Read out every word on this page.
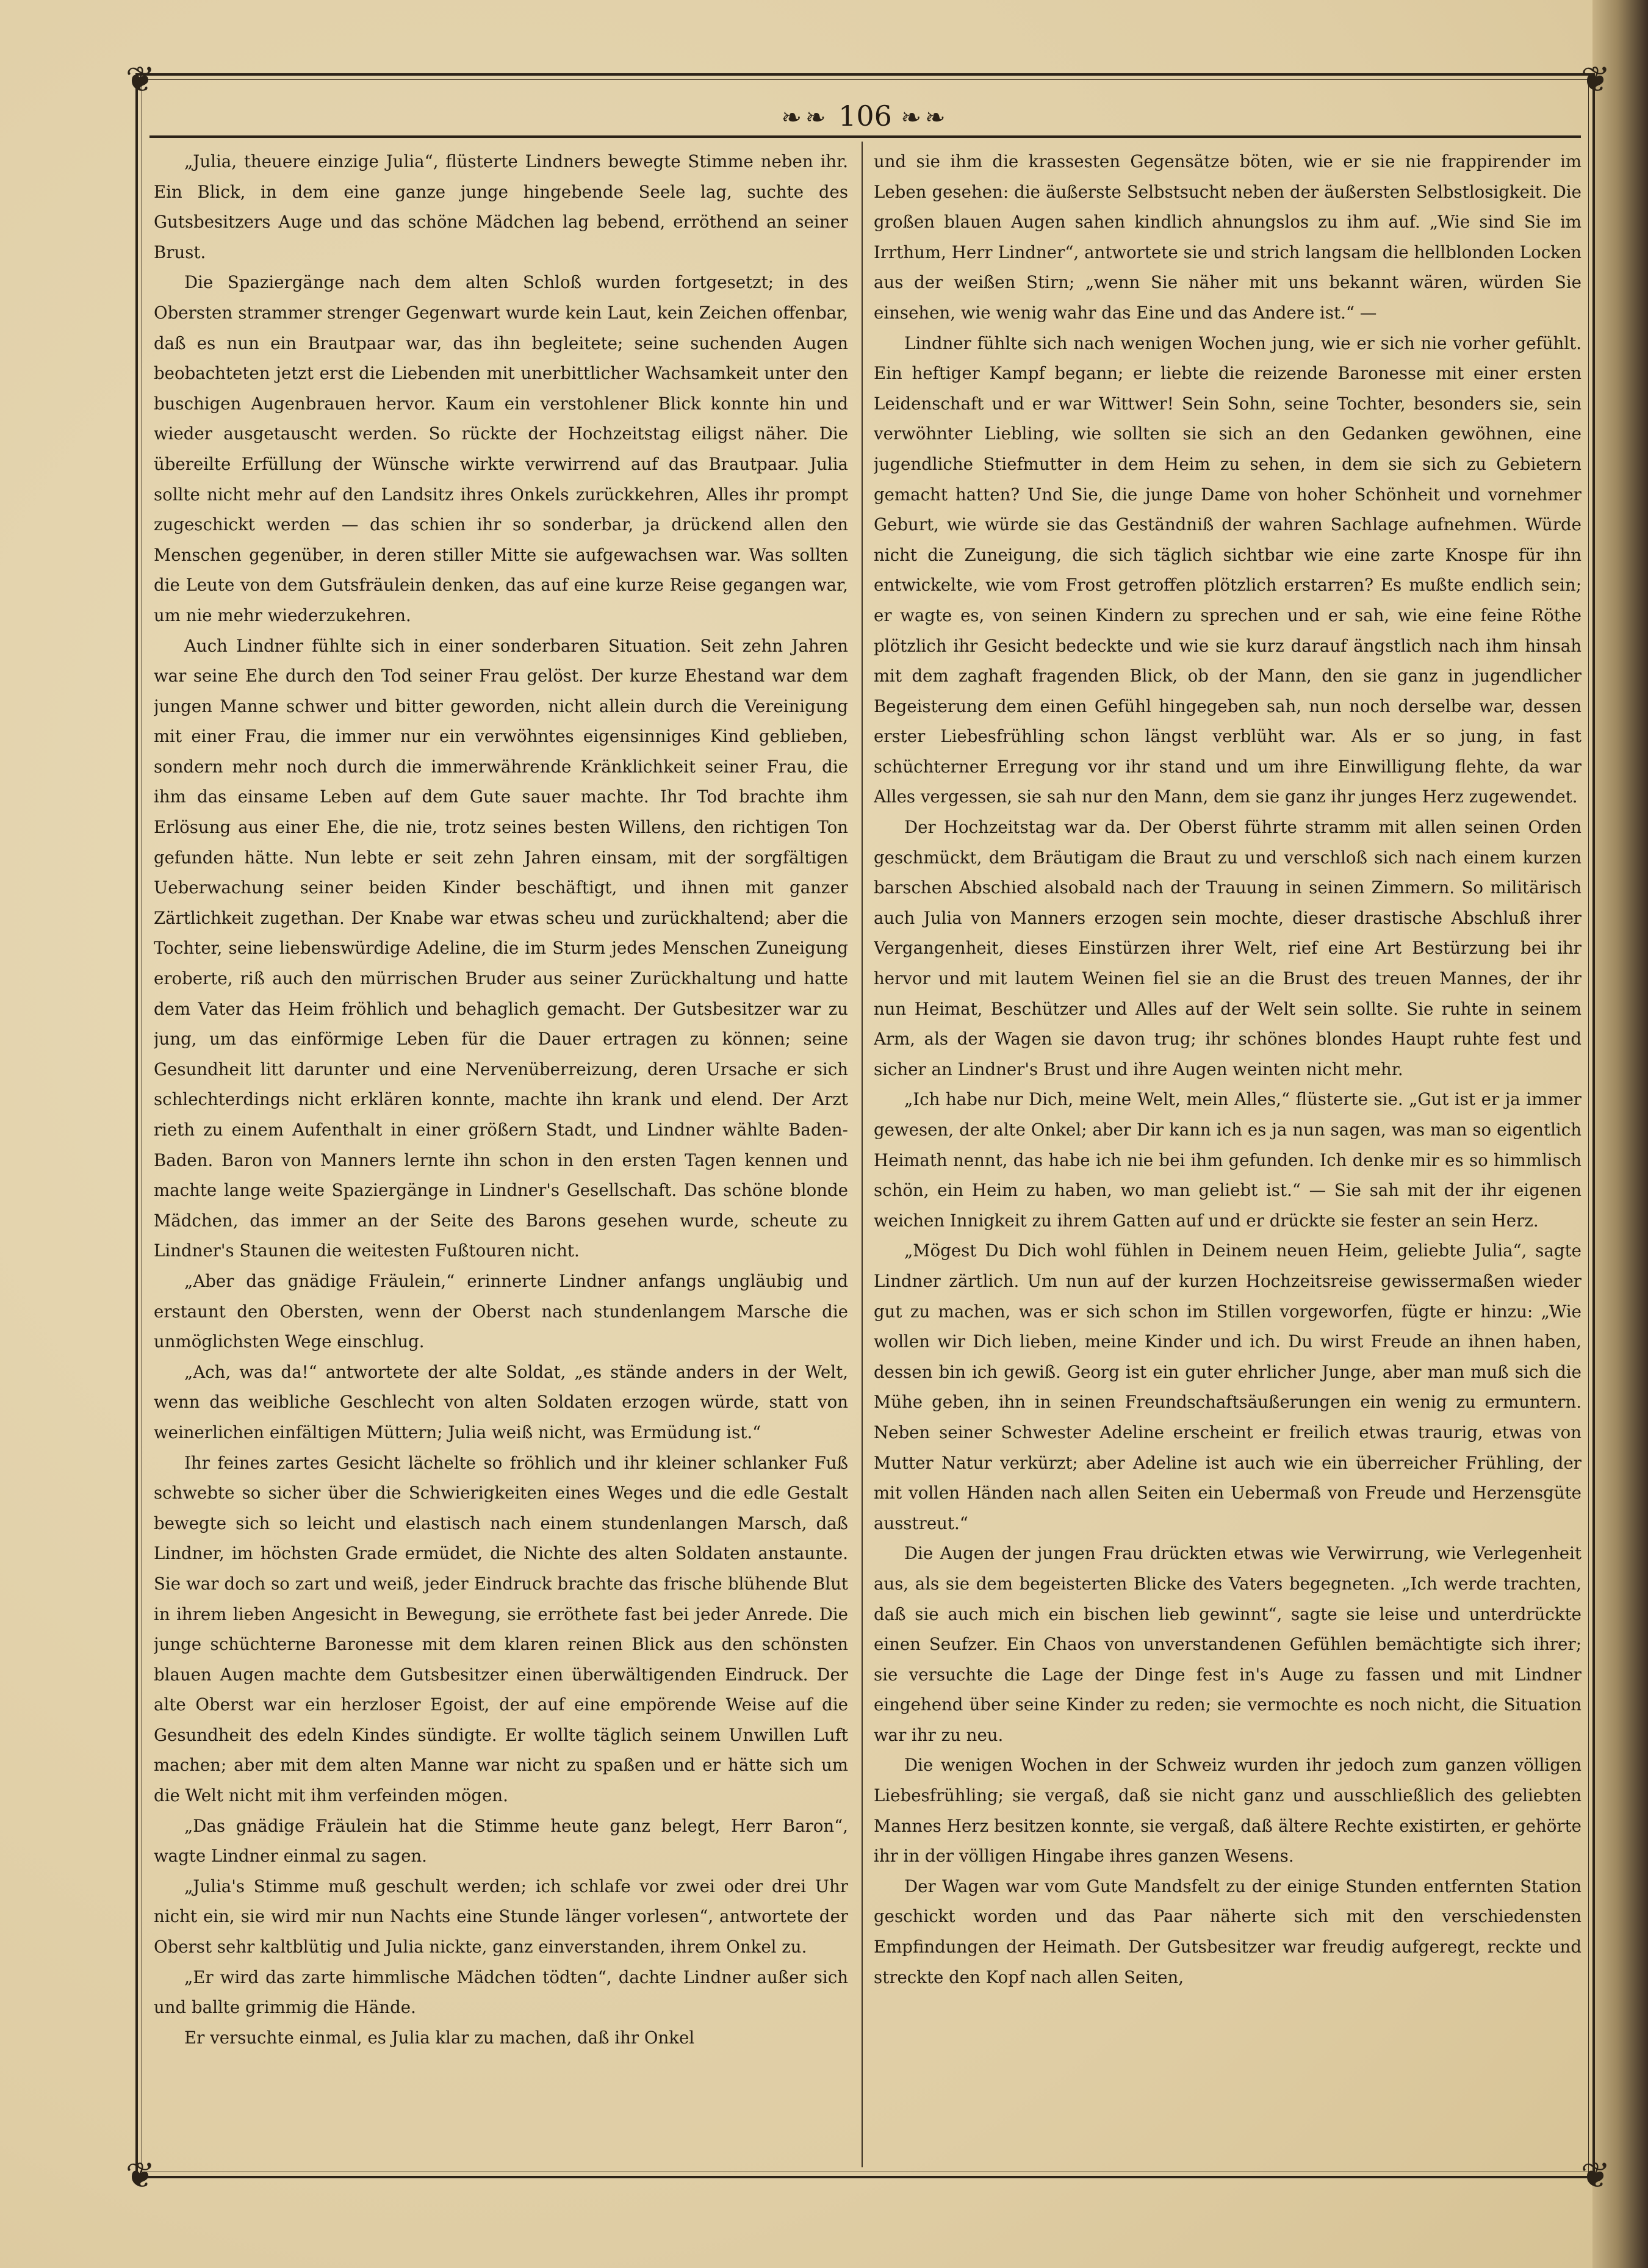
❦	❦
❦	❦
❧❧ 106 ❧❧

„Julia, theuere einzige Julia“, flüsterte Lindners bewegte Stimme neben ihr. Ein Blick, in dem eine ganze junge hingebende Seele lag, suchte des Gutsbesitzers Auge und das schöne Mädchen lag bebend, erröthend an seiner Brust.

Die Spaziergänge nach dem alten Schloß wurden fortgesetzt; in des Obersten strammer strenger Gegenwart wurde kein Laut, kein Zeichen offenbar, daß es nun ein Brautpaar war, das ihn begleitete; seine suchenden Augen beobachteten jetzt erst die Liebenden mit unerbittlicher Wachsamkeit unter den buschigen Augenbrauen hervor. Kaum ein verstohlener Blick konnte hin und wieder ausgetauscht werden. So rückte der Hochzeitstag eiligst näher. Die übereilte Erfüllung der Wünsche wirkte verwirrend auf das Brautpaar. Julia sollte nicht mehr auf den Landsitz ihres Onkels zurückkehren, Alles ihr prompt zugeschickt werden — das schien ihr so sonderbar, ja drückend allen den Menschen gegenüber, in deren stiller Mitte sie aufgewachsen war. Was sollten die Leute von dem Gutsfräulein denken, das auf eine kurze Reise gegangen war, um nie mehr wiederzukehren.

Auch Lindner fühlte sich in einer sonderbaren Situation. Seit zehn Jahren war seine Ehe durch den Tod seiner Frau gelöst. Der kurze Ehestand war dem jungen Manne schwer und bitter geworden, nicht allein durch die Vereinigung mit einer Frau, die immer nur ein verwöhntes eigensinniges Kind geblieben, sondern mehr noch durch die immerwährende Kränklichkeit seiner Frau, die ihm das einsame Leben auf dem Gute sauer machte. Ihr Tod brachte ihm Erlösung aus einer Ehe, die nie, trotz seines besten Willens, den richtigen Ton gefunden hätte. Nun lebte er seit zehn Jahren einsam, mit der sorgfältigen Ueberwachung seiner beiden Kinder beschäftigt, und ihnen mit ganzer Zärtlichkeit zugethan. Der Knabe war etwas scheu und zurückhaltend; aber die Tochter, seine liebenswürdige Adeline, die im Sturm jedes Menschen Zuneigung eroberte, riß auch den mürrischen Bruder aus seiner Zurückhaltung und hatte dem Vater das Heim fröhlich und behaglich gemacht. Der Gutsbesitzer war zu jung, um das einförmige Leben für die Dauer ertragen zu können; seine Gesundheit litt darunter und eine Nervenüberreizung, deren Ursache er sich schlechterdings nicht erklären konnte, machte ihn krank und elend. Der Arzt rieth zu einem Aufenthalt in einer größern Stadt, und Lindner wählte Baden-Baden. Baron von Manners lernte ihn schon in den ersten Tagen kennen und machte lange weite Spaziergänge in Lindner's Gesellschaft. Das schöne blonde Mädchen, das immer an der Seite des Barons gesehen wurde, scheute zu Lindner's Staunen die weitesten Fußtouren nicht.

„Aber das gnädige Fräulein,“ erinnerte Lindner anfangs ungläubig und erstaunt den Obersten, wenn der Oberst nach stundenlangem Marsche die unmöglichsten Wege einschlug.

„Ach, was da!“ antwortete der alte Soldat, „es stände anders in der Welt, wenn das weibliche Geschlecht von alten Soldaten erzogen würde, statt von weinerlichen einfältigen Müttern; Julia weiß nicht, was Ermüdung ist.“

Ihr feines zartes Gesicht lächelte so fröhlich und ihr kleiner schlanker Fuß schwebte so sicher über die Schwierigkeiten eines Weges und die edle Gestalt bewegte sich so leicht und elastisch nach einem stundenlangen Marsch, daß Lindner, im höchsten Grade ermüdet, die Nichte des alten Soldaten anstaunte. Sie war doch so zart und weiß, jeder Eindruck brachte das frische blühende Blut in ihrem lieben Angesicht in Bewegung, sie erröthete fast bei jeder Anrede. Die junge schüchterne Baronesse mit dem klaren reinen Blick aus den schönsten blauen Augen machte dem Gutsbesitzer einen überwältigenden Eindruck. Der alte Oberst war ein herzloser Egoist, der auf eine empörende Weise auf die Gesundheit des edeln Kindes sündigte. Er wollte täglich seinem Unwillen Luft machen; aber mit dem alten Manne war nicht zu spaßen und er hätte sich um die Welt nicht mit ihm verfeinden mögen.

„Das gnädige Fräulein hat die Stimme heute ganz belegt, Herr Baron“, wagte Lindner einmal zu sagen.

„Julia's Stimme muß geschult werden; ich schlafe vor zwei oder drei Uhr nicht ein, sie wird mir nun Nachts eine Stunde länger vorlesen“, antwortete der Oberst sehr kaltblütig und Julia nickte, ganz einverstanden, ihrem Onkel zu.

„Er wird das zarte himmlische Mädchen tödten“, dachte Lindner außer sich und ballte grimmig die Hände.

Er versuchte einmal, es Julia klar zu machen, daß ihr Onkel

und sie ihm die krassesten Gegensätze böten, wie er sie nie frappirender im Leben gesehen: die äußerste Selbstsucht neben der äußersten Selbstlosigkeit. Die großen blauen Augen sahen kindlich ahnungslos zu ihm auf. „Wie sind Sie im Irrthum, Herr Lindner“, antwortete sie und strich langsam die hellblonden Locken aus der weißen Stirn; „wenn Sie näher mit uns bekannt wären, würden Sie einsehen, wie wenig wahr das Eine und das Andere ist.“ —

Lindner fühlte sich nach wenigen Wochen jung, wie er sich nie vorher gefühlt. Ein heftiger Kampf begann; er liebte die reizende Baronesse mit einer ersten Leidenschaft und er war Wittwer! Sein Sohn, seine Tochter, besonders sie, sein verwöhnter Liebling, wie sollten sie sich an den Gedanken gewöhnen, eine jugendliche Stiefmutter in dem Heim zu sehen, in dem sie sich zu Gebietern gemacht hatten? Und Sie, die junge Dame von hoher Schönheit und vornehmer Geburt, wie würde sie das Geständniß der wahren Sachlage aufnehmen. Würde nicht die Zuneigung, die sich täglich sichtbar wie eine zarte Knospe für ihn entwickelte, wie vom Frost getroffen plötzlich erstarren? Es mußte endlich sein; er wagte es, von seinen Kindern zu sprechen und er sah, wie eine feine Röthe plötzlich ihr Gesicht bedeckte und wie sie kurz darauf ängstlich nach ihm hinsah mit dem zaghaft fragenden Blick, ob der Mann, den sie ganz in jugendlicher Begeisterung dem einen Gefühl hingegeben sah, nun noch derselbe war, dessen erster Liebesfrühling schon längst verblüht war. Als er so jung, in fast schüchterner Erregung vor ihr stand und um ihre Einwilligung flehte, da war Alles vergessen, sie sah nur den Mann, dem sie ganz ihr junges Herz zugewendet.

Der Hochzeitstag war da. Der Oberst führte stramm mit allen seinen Orden geschmückt, dem Bräutigam die Braut zu und verschloß sich nach einem kurzen barschen Abschied alsobald nach der Trauung in seinen Zimmern. So militärisch auch Julia von Manners erzogen sein mochte, dieser drastische Abschluß ihrer Vergangenheit, dieses Einstürzen ihrer Welt, rief eine Art Bestürzung bei ihr hervor und mit lautem Weinen fiel sie an die Brust des treuen Mannes, der ihr nun Heimat, Beschützer und Alles auf der Welt sein sollte. Sie ruhte in seinem Arm, als der Wagen sie davon trug; ihr schönes blondes Haupt ruhte fest und sicher an Lindner's Brust und ihre Augen weinten nicht mehr.

„Ich habe nur Dich, meine Welt, mein Alles,“ flüsterte sie. „Gut ist er ja immer gewesen, der alte Onkel; aber Dir kann ich es ja nun sagen, was man so eigentlich Heimath nennt, das habe ich nie bei ihm gefunden. Ich denke mir es so himmlisch schön, ein Heim zu haben, wo man geliebt ist.“ — Sie sah mit der ihr eigenen weichen Innigkeit zu ihrem Gatten auf und er drückte sie fester an sein Herz.

„Mögest Du Dich wohl fühlen in Deinem neuen Heim, geliebte Julia“, sagte Lindner zärtlich. Um nun auf der kurzen Hochzeitsreise gewissermaßen wieder gut zu machen, was er sich schon im Stillen vorgeworfen, fügte er hinzu: „Wie wollen wir Dich lieben, meine Kinder und ich. Du wirst Freude an ihnen haben, dessen bin ich gewiß. Georg ist ein guter ehrlicher Junge, aber man muß sich die Mühe geben, ihn in seinen Freundschaftsäußerungen ein wenig zu ermuntern. Neben seiner Schwester Adeline erscheint er freilich etwas traurig, etwas von Mutter Natur verkürzt; aber Adeline ist auch wie ein überreicher Frühling, der mit vollen Händen nach allen Seiten ein Uebermaß von Freude und Herzensgüte ausstreut.“

Die Augen der jungen Frau drückten etwas wie Verwirrung, wie Verlegenheit aus, als sie dem begeisterten Blicke des Vaters begegneten. „Ich werde trachten, daß sie auch mich ein bischen lieb gewinnt“, sagte sie leise und unterdrückte einen Seufzer. Ein Chaos von unverstandenen Gefühlen bemächtigte sich ihrer; sie versuchte die Lage der Dinge fest in's Auge zu fassen und mit Lindner eingehend über seine Kinder zu reden; sie vermochte es noch nicht, die Situation war ihr zu neu.

Die wenigen Wochen in der Schweiz wurden ihr jedoch zum ganzen völligen Liebesfrühling; sie vergaß, daß sie nicht ganz und ausschließlich des geliebten Mannes Herz besitzen konnte, sie vergaß, daß ältere Rechte existirten, er gehörte ihr in der völligen Hingabe ihres ganzen Wesens.

Der Wagen war vom Gute Mandsfelt zu der einige Stunden entfernten Station geschickt worden und das Paar näherte sich mit den verschiedensten Empfindungen der Heimath. Der Gutsbesitzer war freudig aufgeregt, reckte und streckte den Kopf nach allen Seiten,
